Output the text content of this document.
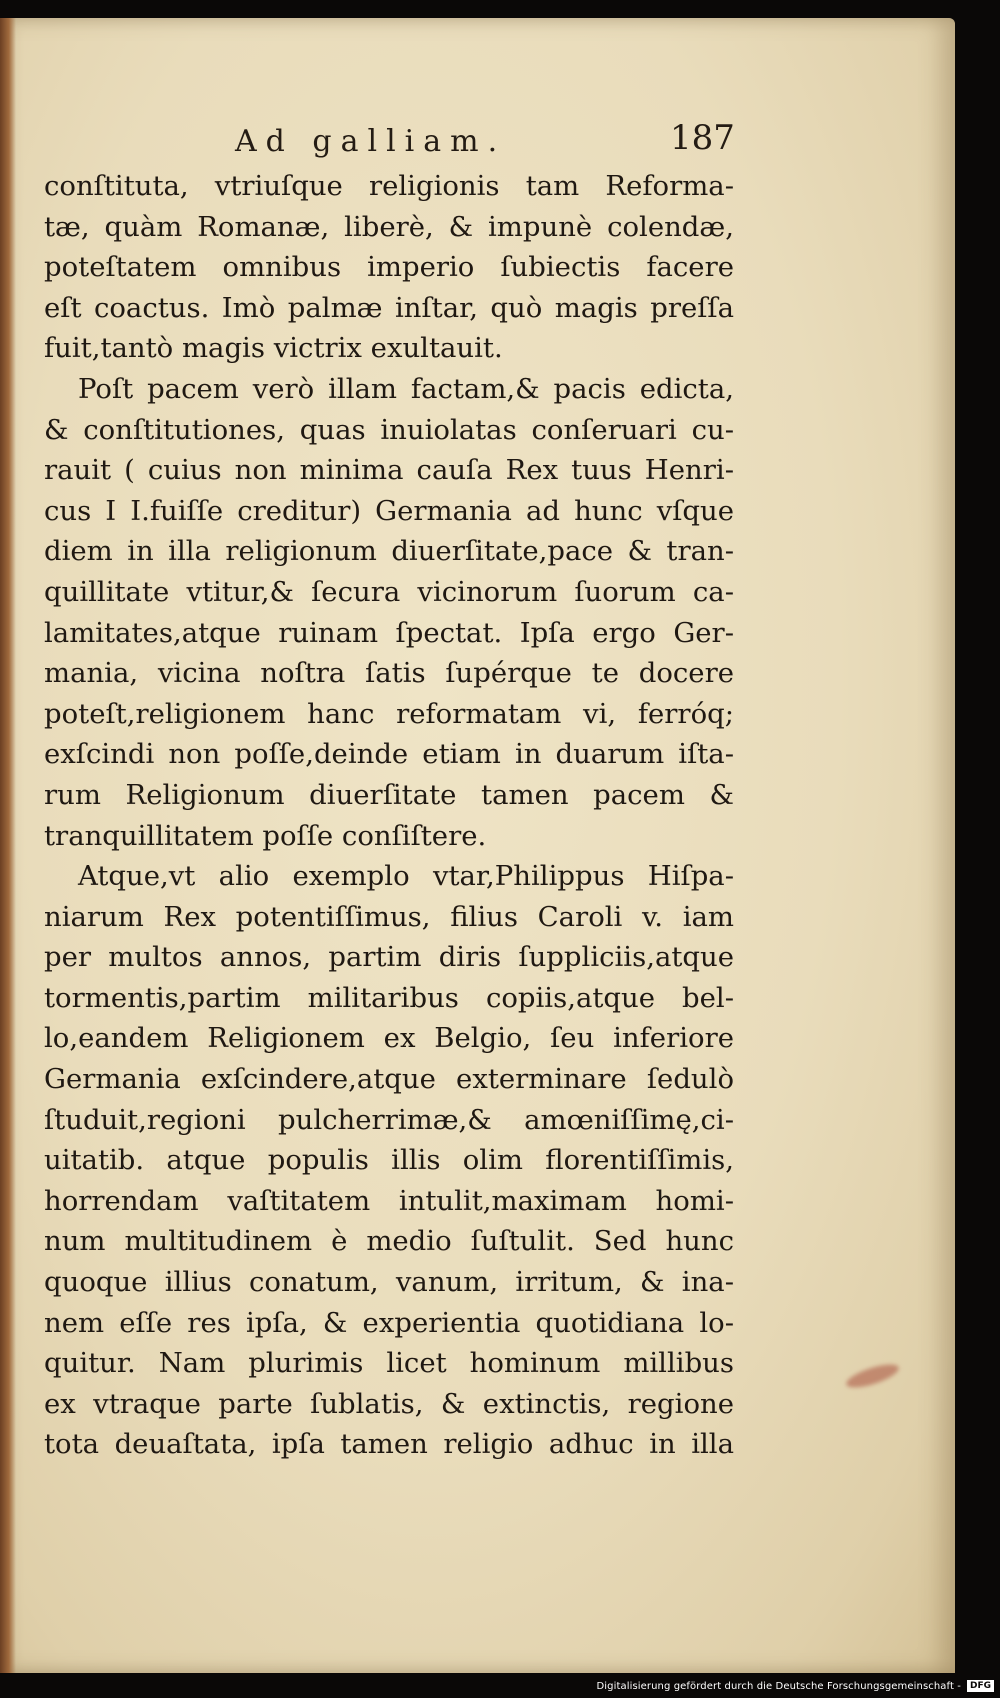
Ad galliam.	187
conſtituta, vtriuſque religionis tam Reforma-
tæ, quàm Romanæ, liberè, & impunè colendæ,
poteſtatem omnibus imperio ſubiectis facere
eſt coactus. Imò palmæ inſtar, quò magis preſſa
fuit,tantò magis victrix exultauit.
Poſt pacem verò illam factam,& pacis edicta,
& conſtitutiones, quas inuiolatas conſeruari cu-
rauit ( cuius non minima cauſa Rex tuus Henri-
cus I I.fuiſſe creditur) Germania ad hunc vſque
diem in illa religionum diuerſitate,pace & tran-
quillitate vtitur,& ſecura vicinorum ſuorum ca-
lamitates,atque ruinam ſpectat. Ipſa ergo Ger-
mania, vicina noſtra ſatis ſupérque te docere
poteſt,religionem hanc reformatam vi, ferróq;
exſcindi non poſſe,deinde etiam in duarum iſta-
rum Religionum diuerſitate tamen pacem &
tranquillitatem poſſe conſiſtere.
Atque,vt alio exemplo vtar,Philippus Hiſpa-
niarum Rex potentiſſimus, filius Caroli v. iam
per multos annos, partim diris ſuppliciis,atque
tormentis,partim militaribus copiis,atque bel-
lo,eandem Religionem ex Belgio, ſeu inferiore
Germania exſcindere,atque exterminare ſedulò
ſtuduit,regioni pulcherrimæ,& amœniſſimę,ci-
uitatib. atque populis illis olim florentiſſimis,
horrendam vaſtitatem intulit,maximam homi-
num multitudinem è medio ſuſtulit. Sed hunc
quoque illius conatum, vanum, irritum, & ina-
nem eſſe res ipſa, & experientia quotidiana lo-
quitur. Nam plurimis licet hominum millibus
ex vtraque parte ſublatis, & extinctis, regione
tota deuaſtata, ipſa tamen religio adhuc in illa
Digitalisierung gefördert durch die Deutsche Forschungsgemeinschaft -	DFG
